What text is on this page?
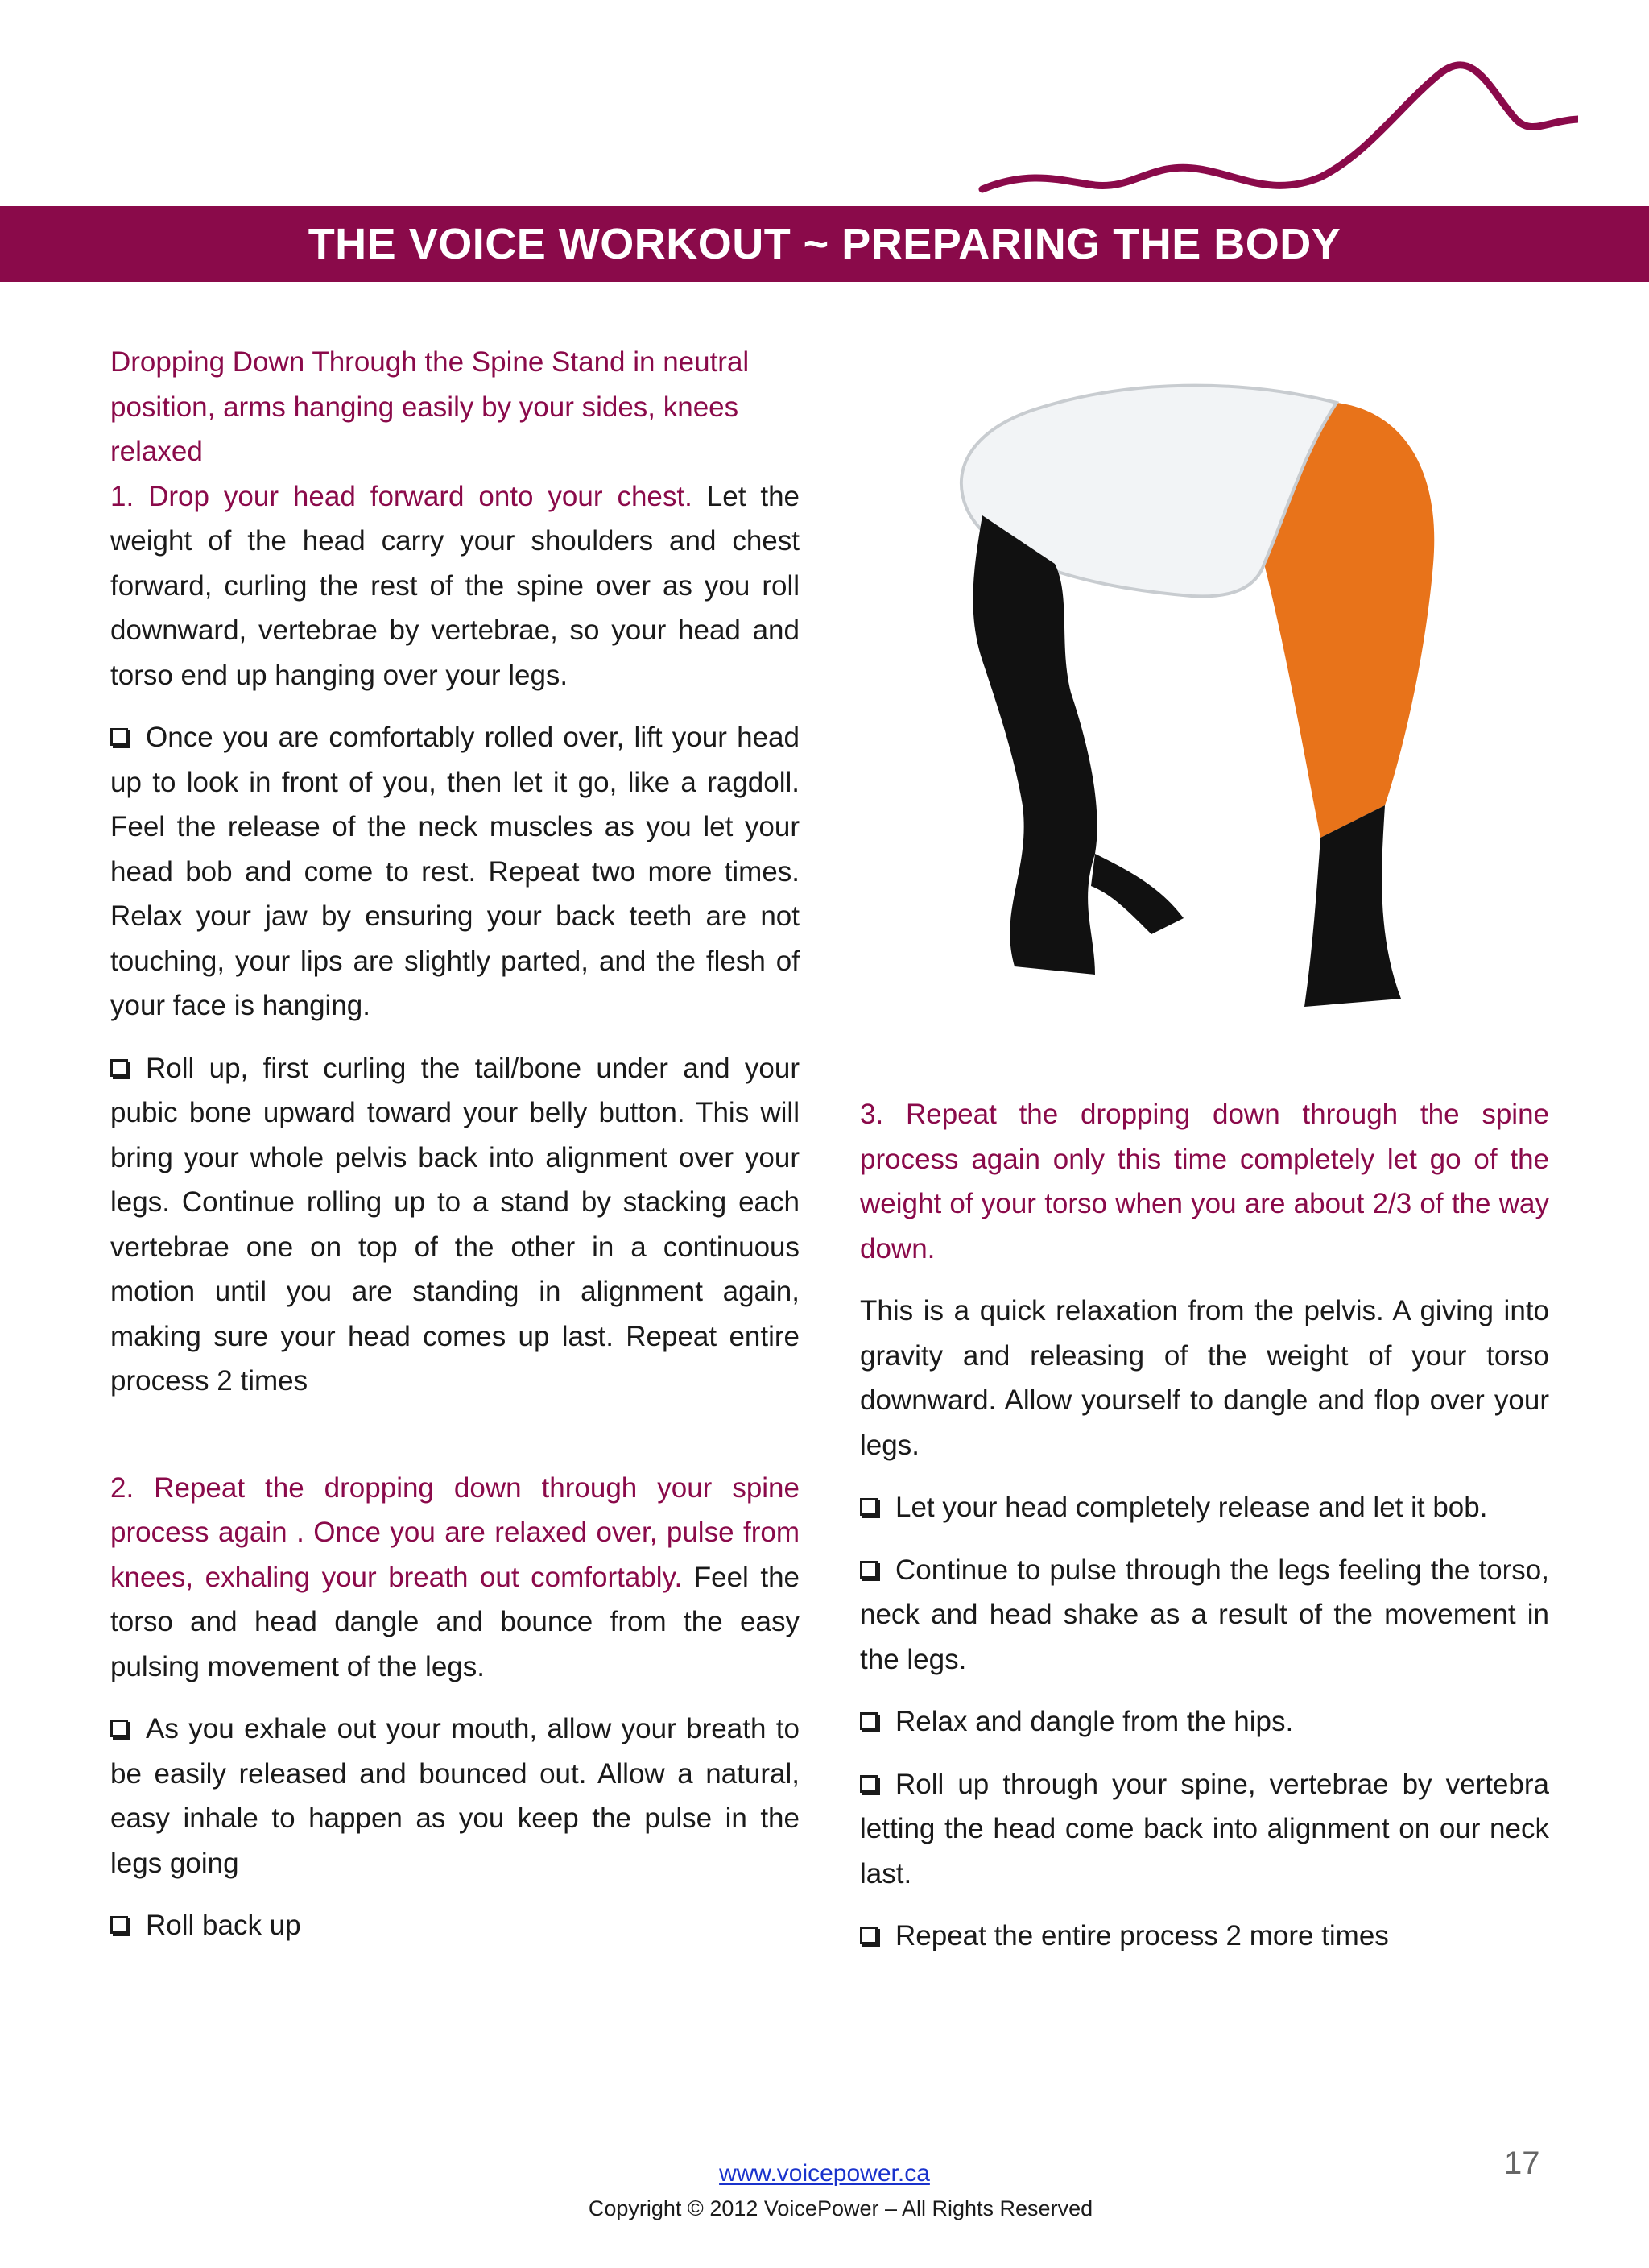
THE VOICE WORKOUT ~ PREPARING THE BODY

Dropping Down Through the Spine Stand in neutral
position, arms hanging easily by your sides, knees
relaxed

1. Drop your head forward onto your chest. Let the weight of the head carry your shoulders and chest forward, curling the rest of the spine over as you roll downward, vertebrae by vertebrae, so your head and torso end up hanging over your legs.

Once you are comfortably rolled over, lift your head up to look in front of you, then let it go, like a ragdoll. Feel the release of the neck muscles as you let your head bob and come to rest. Repeat two more times. Relax your jaw by ensuring your back teeth are not touching, your lips are slightly parted, and the flesh of your face is hanging.

Roll up, first curling the tail/bone under and your pubic bone upward toward your belly button. This will bring your whole pelvis back into alignment over your legs. Continue rolling up to a stand by stacking each vertebrae one on top of the other in a continuous motion until you are standing in alignment again, making sure your head comes up last. Repeat entire process 2 times

2. Repeat the dropping down through your spine process again . Once you are relaxed over, pulse from knees, exhaling your breath out comfortably. Feel the torso and head dangle and bounce from the easy pulsing movement of the legs.

As you exhale out your mouth, allow your breath to be easily released and bounced out. Allow a natural, easy inhale to happen as you keep the pulse in the legs going

Roll back up

3. Repeat the dropping down through the spine process again only this time completely let go of the weight of your torso when you are about 2/3 of the way down.

This is a quick relaxation from the pelvis. A giving into gravity and releasing of the weight of your torso downward. Allow yourself to dangle and flop over your legs.

Let your head completely release and let it bob.

Continue to pulse through the legs feeling the torso, neck and head shake as a result of the movement in the legs.

Relax and dangle from the hips.

Roll up through your spine, vertebrae by vertebra letting the head come back into alignment on our neck last.

Repeat the entire process 2 more times

www.voicepower.ca
Copyright © 2012 VoicePower – All Rights Reserved
17
